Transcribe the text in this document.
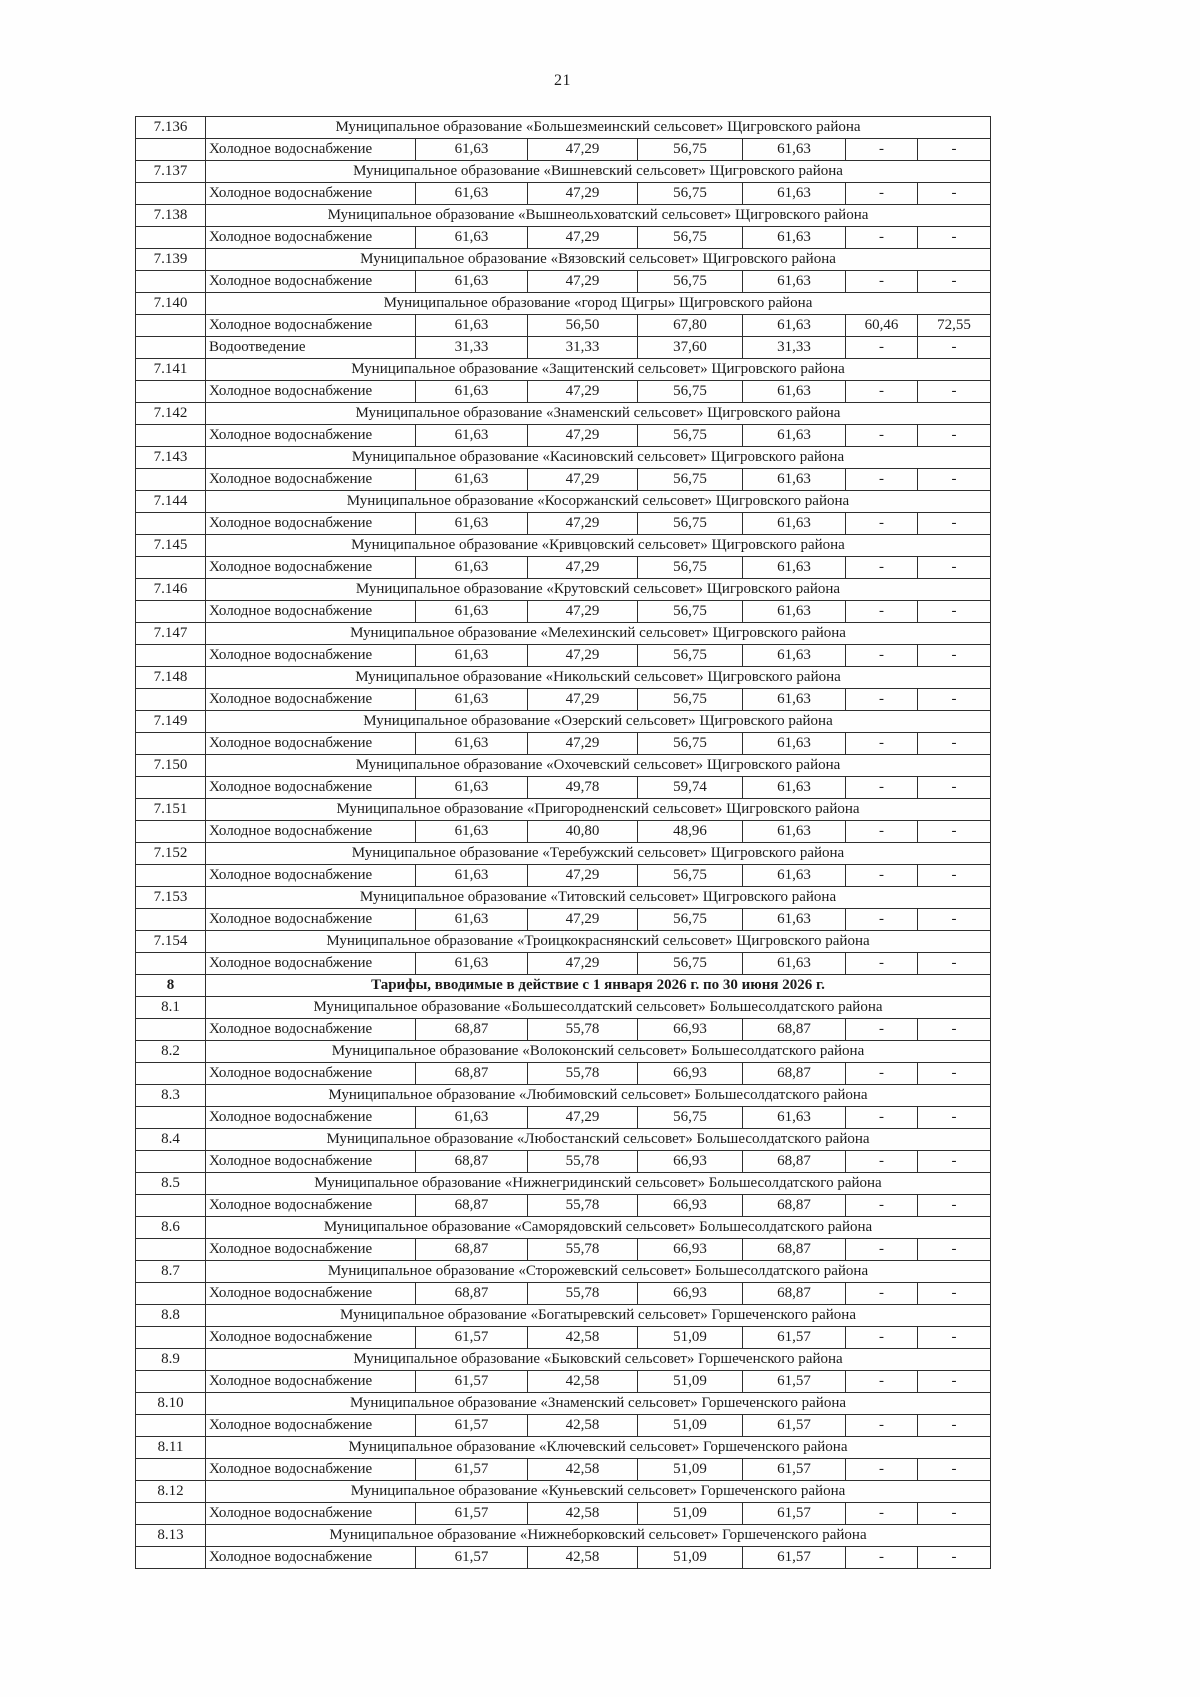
21
7.136	Муниципальное образование «Большезмеинский сельсовет» Щигровского района						
	Холодное водоснабжение	61,63	47,29	56,75	61,63	-	-
7.137	Муниципальное образование «Вишневский сельсовет» Щигровского района						
	Холодное водоснабжение	61,63	47,29	56,75	61,63	-	-
7.138	Муниципальное образование «Вышнеольховатский сельсовет» Щигровского района						
	Холодное водоснабжение	61,63	47,29	56,75	61,63	-	-
7.139	Муниципальное образование «Вязовский сельсовет» Щигровского района						
	Холодное водоснабжение	61,63	47,29	56,75	61,63	-	-
7.140	Муниципальное образование «город Щигры» Щигровского района						
	Холодное водоснабжение	61,63	56,50	67,80	61,63	60,46	72,55
	Водоотведение	31,33	31,33	37,60	31,33	-	-
7.141	Муниципальное образование «Защитенский сельсовет» Щигровского района						
	Холодное водоснабжение	61,63	47,29	56,75	61,63	-	-
7.142	Муниципальное образование «Знаменский сельсовет» Щигровского района						
	Холодное водоснабжение	61,63	47,29	56,75	61,63	-	-
7.143	Муниципальное образование «Касиновский сельсовет» Щигровского района						
	Холодное водоснабжение	61,63	47,29	56,75	61,63	-	-
7.144	Муниципальное образование «Косоржанский сельсовет» Щигровского района						
	Холодное водоснабжение	61,63	47,29	56,75	61,63	-	-
7.145	Муниципальное образование «Кривцовский сельсовет» Щигровского района						
	Холодное водоснабжение	61,63	47,29	56,75	61,63	-	-
7.146	Муниципальное образование «Крутовский сельсовет» Щигровского района						
	Холодное водоснабжение	61,63	47,29	56,75	61,63	-	-
7.147	Муниципальное образование «Мелехинский сельсовет» Щигровского района						
	Холодное водоснабжение	61,63	47,29	56,75	61,63	-	-
7.148	Муниципальное образование «Никольский сельсовет» Щигровского района						
	Холодное водоснабжение	61,63	47,29	56,75	61,63	-	-
7.149	Муниципальное образование «Озерский сельсовет» Щигровского района						
	Холодное водоснабжение	61,63	47,29	56,75	61,63	-	-
7.150	Муниципальное образование «Охочевский сельсовет» Щигровского района						
	Холодное водоснабжение	61,63	49,78	59,74	61,63	-	-
7.151	Муниципальное образование «Пригородненский сельсовет» Щигровского района						
	Холодное водоснабжение	61,63	40,80	48,96	61,63	-	-
7.152	Муниципальное образование «Теребужский сельсовет» Щигровского района						
	Холодное водоснабжение	61,63	47,29	56,75	61,63	-	-
7.153	Муниципальное образование «Титовский сельсовет» Щигровского района						
	Холодное водоснабжение	61,63	47,29	56,75	61,63	-	-
7.154	Муниципальное образование «Троицкокраснянский сельсовет» Щигровского района						
	Холодное водоснабжение	61,63	47,29	56,75	61,63	-	-
8	Тарифы, вводимые в действие с 1 января 2026 г. по 30 июня 2026 г.						
8.1	Муниципальное образование «Большесолдатский сельсовет» Большесолдатского района						
	Холодное водоснабжение	68,87	55,78	66,93	68,87	-	-
8.2	Муниципальное образование «Волоконский сельсовет» Большесолдатского района						
	Холодное водоснабжение	68,87	55,78	66,93	68,87	-	-
8.3	Муниципальное образование «Любимовский сельсовет» Большесолдатского района						
	Холодное водоснабжение	61,63	47,29	56,75	61,63	-	-
8.4	Муниципальное образование «Любостанский сельсовет» Большесолдатского района						
	Холодное водоснабжение	68,87	55,78	66,93	68,87	-	-
8.5	Муниципальное образование «Нижнегридинский сельсовет» Большесолдатского района						
	Холодное водоснабжение	68,87	55,78	66,93	68,87	-	-
8.6	Муниципальное образование «Саморядовский сельсовет» Большесолдатского района						
	Холодное водоснабжение	68,87	55,78	66,93	68,87	-	-
8.7	Муниципальное образование «Сторожевский сельсовет» Большесолдатского района						
	Холодное водоснабжение	68,87	55,78	66,93	68,87	-	-
8.8	Муниципальное образование «Богатыревский сельсовет» Горшеченского района						
	Холодное водоснабжение	61,57	42,58	51,09	61,57	-	-
8.9	Муниципальное образование «Быковский сельсовет» Горшеченского района						
	Холодное водоснабжение	61,57	42,58	51,09	61,57	-	-
8.10	Муниципальное образование «Знаменский сельсовет» Горшеченского района						
	Холодное водоснабжение	61,57	42,58	51,09	61,57	-	-
8.11	Муниципальное образование «Ключевский сельсовет» Горшеченского района						
	Холодное водоснабжение	61,57	42,58	51,09	61,57	-	-
8.12	Муниципальное образование «Куньевский сельсовет» Горшеченского района						
	Холодное водоснабжение	61,57	42,58	51,09	61,57	-	-
8.13	Муниципальное образование «Нижнеборковский сельсовет» Горшеченского района						
	Холодное водоснабжение	61,57	42,58	51,09	61,57	-	-
